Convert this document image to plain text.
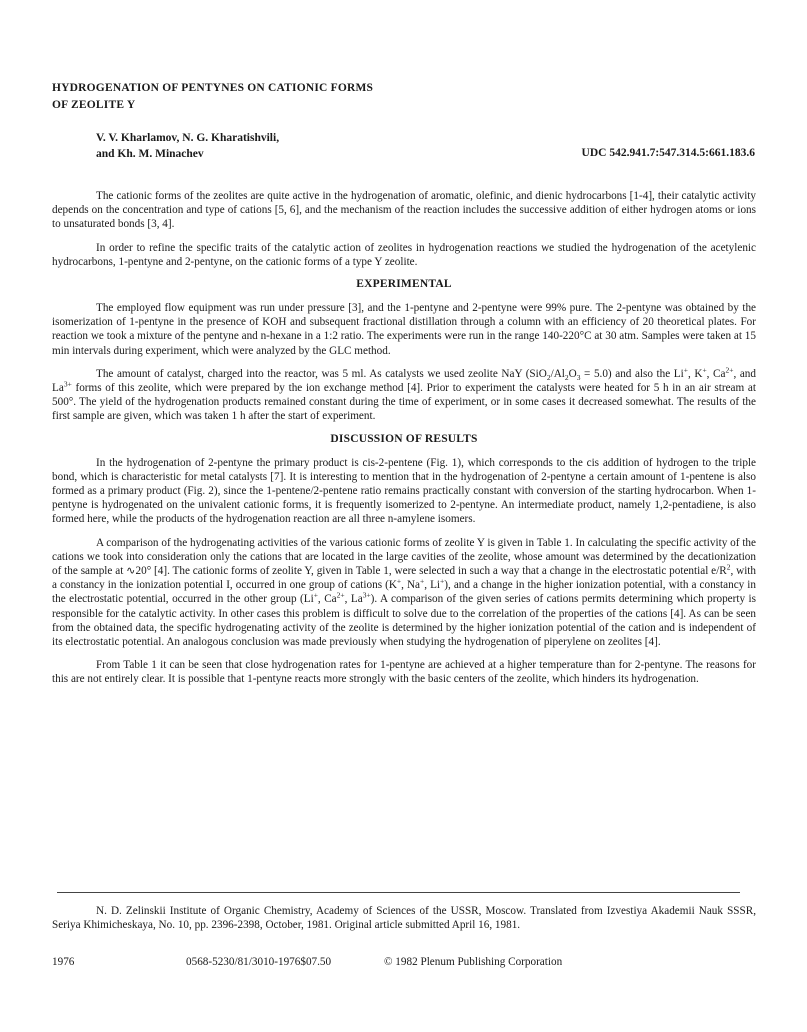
HYDROGENATION OF PENTYNES ON CATIONIC FORMS
OF ZEOLITE Y
V. V. Kharlamov, N. G. Kharatishvili,
and Kh. M. Minachev	UDC 542.941.7:547.314.5:661.183.6

The cationic forms of the zeolites are quite active in the hydrogenation of aromatic, olefinic, and dienic hydrocarbons [1-4], their catalytic activity depends on the concentration and type of cations [5, 6], and the mechanism of the reaction includes the successive addition of either hydrogen atoms or ions to unsaturated bonds [3, 4].

In order to refine the specific traits of the catalytic action of zeolites in hydrogenation reactions we studied the hydrogenation of the acetylenic hydrocarbons, 1-pentyne and 2-pentyne, on the cationic forms of a type Y zeolite.

EXPERIMENTAL

The employed flow equipment was run under pressure [3], and the 1-pentyne and 2-pentyne were 99% pure. The 2-pentyne was obtained by the isomerization of 1-pentyne in the presence of KOH and subsequent fractional distillation through a column with an efficiency of 20 theoretical plates. For reaction we took a mixture of the pentyne and n-hexane in a 1:2 ratio. The experiments were run in the range 140-220°C at 30 atm. Samples were taken at 15 min intervals during experiment, which were analyzed by the GLC method.

The amount of catalyst, charged into the reactor, was 5 ml. As catalysts we used zeolite NaY $(SiO_2/Al_2O_3 = 5.0)$ and also the Li+, K+, $Ca^{2+}$, and $La^{3+}$ forms of this zeolite, which were prepared by the ion exchange method [4]. Prior to experiment the catalysts were heated for 5 h in an air stream at 500°. The yield of the hydrogenation products remained constant during the time of experiment, or in some cases it decreased somewhat. The results of the first sample are given, which was taken 1 h after the start of experiment.

DISCUSSION OF RESULTS

In the hydrogenation of 2-pentyne the primary product is cis-2-pentene (Fig. 1), which corresponds to the cis addition of hydrogen to the triple bond, which is characteristic for metal catalysts [7]. It is interesting to mention that in the hydrogenation of 2-pentyne a certain amount of 1-pentene is also formed as a primary product (Fig. 2), since the 1-pentene/2-pentene ratio remains practically constant with conversion of the starting hydrocarbon. When 1-pentyne is hydrogenated on the univalent cationic forms, it is frequently isomerized to 2-pentyne. An intermediate product, namely 1,2-pentadiene, is also formed here, while the products of the hydrogenation reaction are all three n-amylene isomers.

A comparison of the hydrogenating activities of the various cationic forms of zeolite Y is given in Table 1. In calculating the specific activity of the cations we took into consideration only the cations that are located in the large cavities of the zeolite, whose amount was determined by the decationization of the sample at ∿20° [4]. The cationic forms of zeolite Y, given in Table 1, were selected in such a way that a change in the electrostatic potential $e/R^2$, with a constancy in the ionization potential I, occurred in one group of cations (K+, Na+, Li+), and a change in the higher ionization potential, with a constancy in the electrostatic potential, occurred in the other group (Li+, $Ca^{2+}$, $La^{3+}$). A comparison of the given series of cations permits determining which property is responsible for the catalytic activity. In other cases this problem is difficult to solve due to the correlation of the properties of the cations [4]. As can be seen from the obtained data, the specific hydrogenating activity of the zeolite is determined by the higher ionization potential of the cation and is independent of its electrostatic potential. An analogous conclusion was made previously when studying the hydrogenation of piperylene on zeolites [4].

From Table 1 it can be seen that close hydrogenation rates for 1-pentyne are achieved at a higher temperature than for 2-pentyne. The reasons for this are not entirely clear. It is possible that 1-pentyne reacts more strongly with the basic centers of the zeolite, which hinders its hydrogenation.

N. D. Zelinskii Institute of Organic Chemistry, Academy of Sciences of the USSR, Moscow. Translated from Izvestiya Akademii Nauk SSSR, Seriya Khimicheskaya, No. 10, pp. 2396-2398, October, 1981. Original article submitted April 16, 1981.
1976	0568-5230/81/3010-1976$07.50	© 1982 Plenum Publishing Corporation
